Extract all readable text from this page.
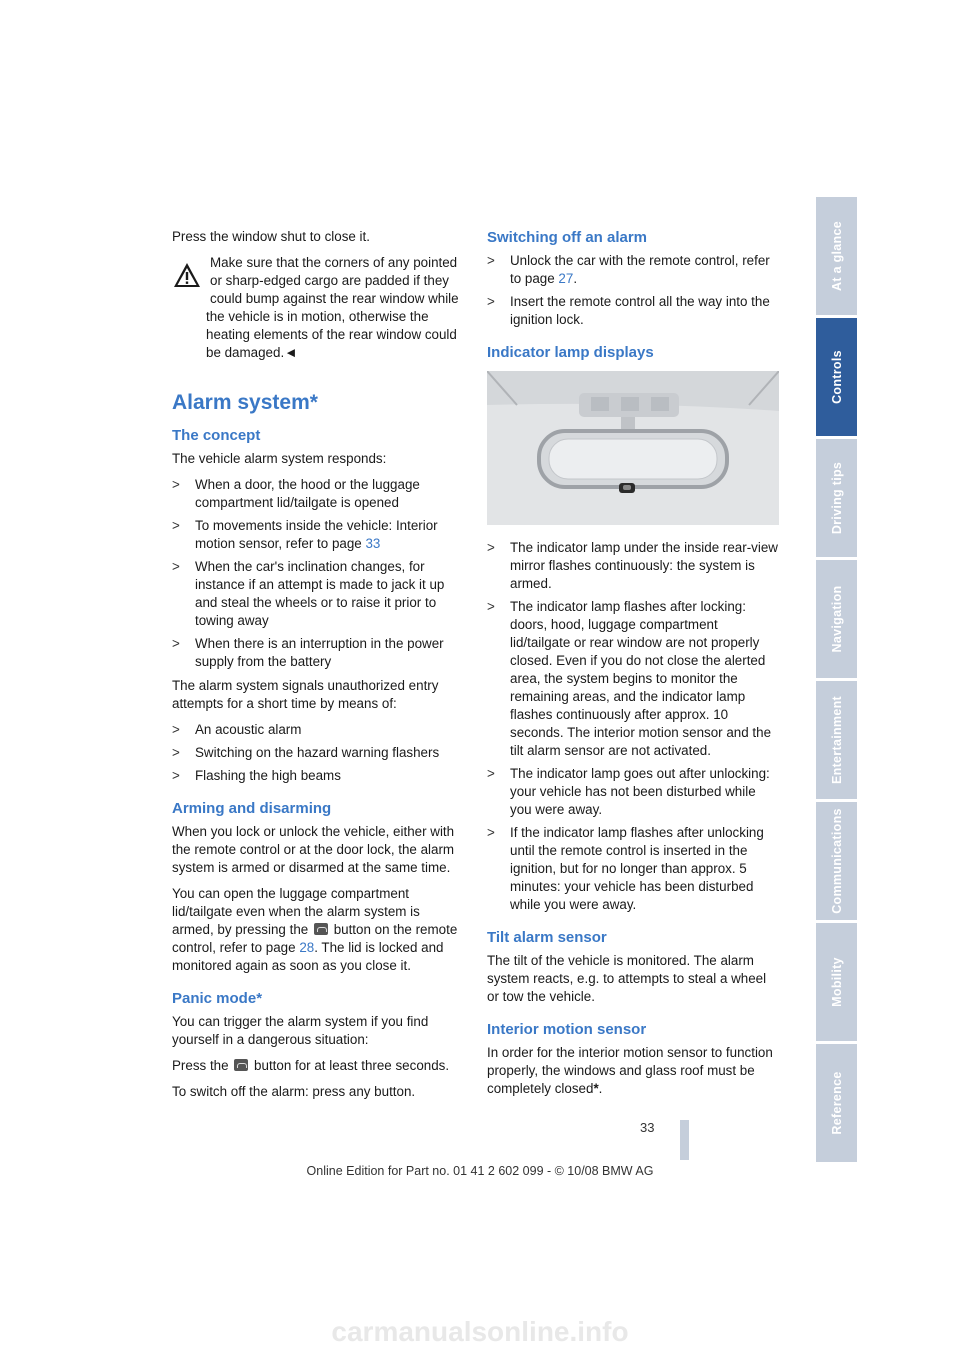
Press the window shut to close it.

Make sure that the corners of any pointed or sharp-edged cargo are padded if they could bump against the rear window while the vehicle is in motion, otherwise the heating elements of the rear window could be damaged.◄

Alarm system*
The concept

The vehicle alarm system responds:

> When a door, the hood or the luggage compartment lid/tailgate is opened
> To movements inside the vehicle: Interior motion sensor, refer to page 33
> When the car's inclination changes, for instance if an attempt is made to jack it up and steal the wheels or to raise it prior to towing away
> When there is an interruption in the power supply from the battery

The alarm system signals unauthorized entry attempts for a short time by means of:

> An acoustic alarm
> Switching on the hazard warning flashers
> Flashing the high beams
Arming and disarming

When you lock or unlock the vehicle, either with the remote control or at the door lock, the alarm system is armed or disarmed at the same time.

You can open the luggage compartment lid/tailgate even when the alarm system is armed, by pressing the button on the remote control, refer to page 28. The lid is locked and monitored again as soon as you close it.

Panic mode*

You can trigger the alarm system if you find yourself in a dangerous situation:

Press the button for at least three seconds.

To switch off the alarm: press any button.

Switching off an alarm
> Unlock the car with the remote control, refer to page 27.
> Insert the remote control all the way into the ignition lock.
Indicator lamp displays
> The indicator lamp under the inside rear-view mirror flashes continuously: the system is armed.
> The indicator lamp flashes after locking: doors, hood, luggage compartment lid/tailgate or rear window are not properly closed. Even if you do not close the alerted area, the system begins to monitor the remaining areas, and the indicator lamp flashes continuously after approx. 10 seconds. The interior motion sensor and the tilt alarm sensor are not activated.
> The indicator lamp goes out after unlocking: your vehicle has not been disturbed while you were away.
> If the indicator lamp flashes after unlocking until the remote control is inserted in the ignition, but for no longer than approx. 5 minutes: your vehicle has been disturbed while you were away.
Tilt alarm sensor

The tilt of the vehicle is monitored. The alarm system reacts, e.g. to attempts to steal a wheel or tow the vehicle.

Interior motion sensor

In order for the interior motion sensor to function properly, the windows and glass roof must be completely closed*.

At a glance
Controls
Driving tips
Navigation
Entertainment
Communications
Mobility
Reference
33
Online Edition for Part no. 01 41 2 602 099 - © 10/08 BMW AG
carmanualsonline.info
